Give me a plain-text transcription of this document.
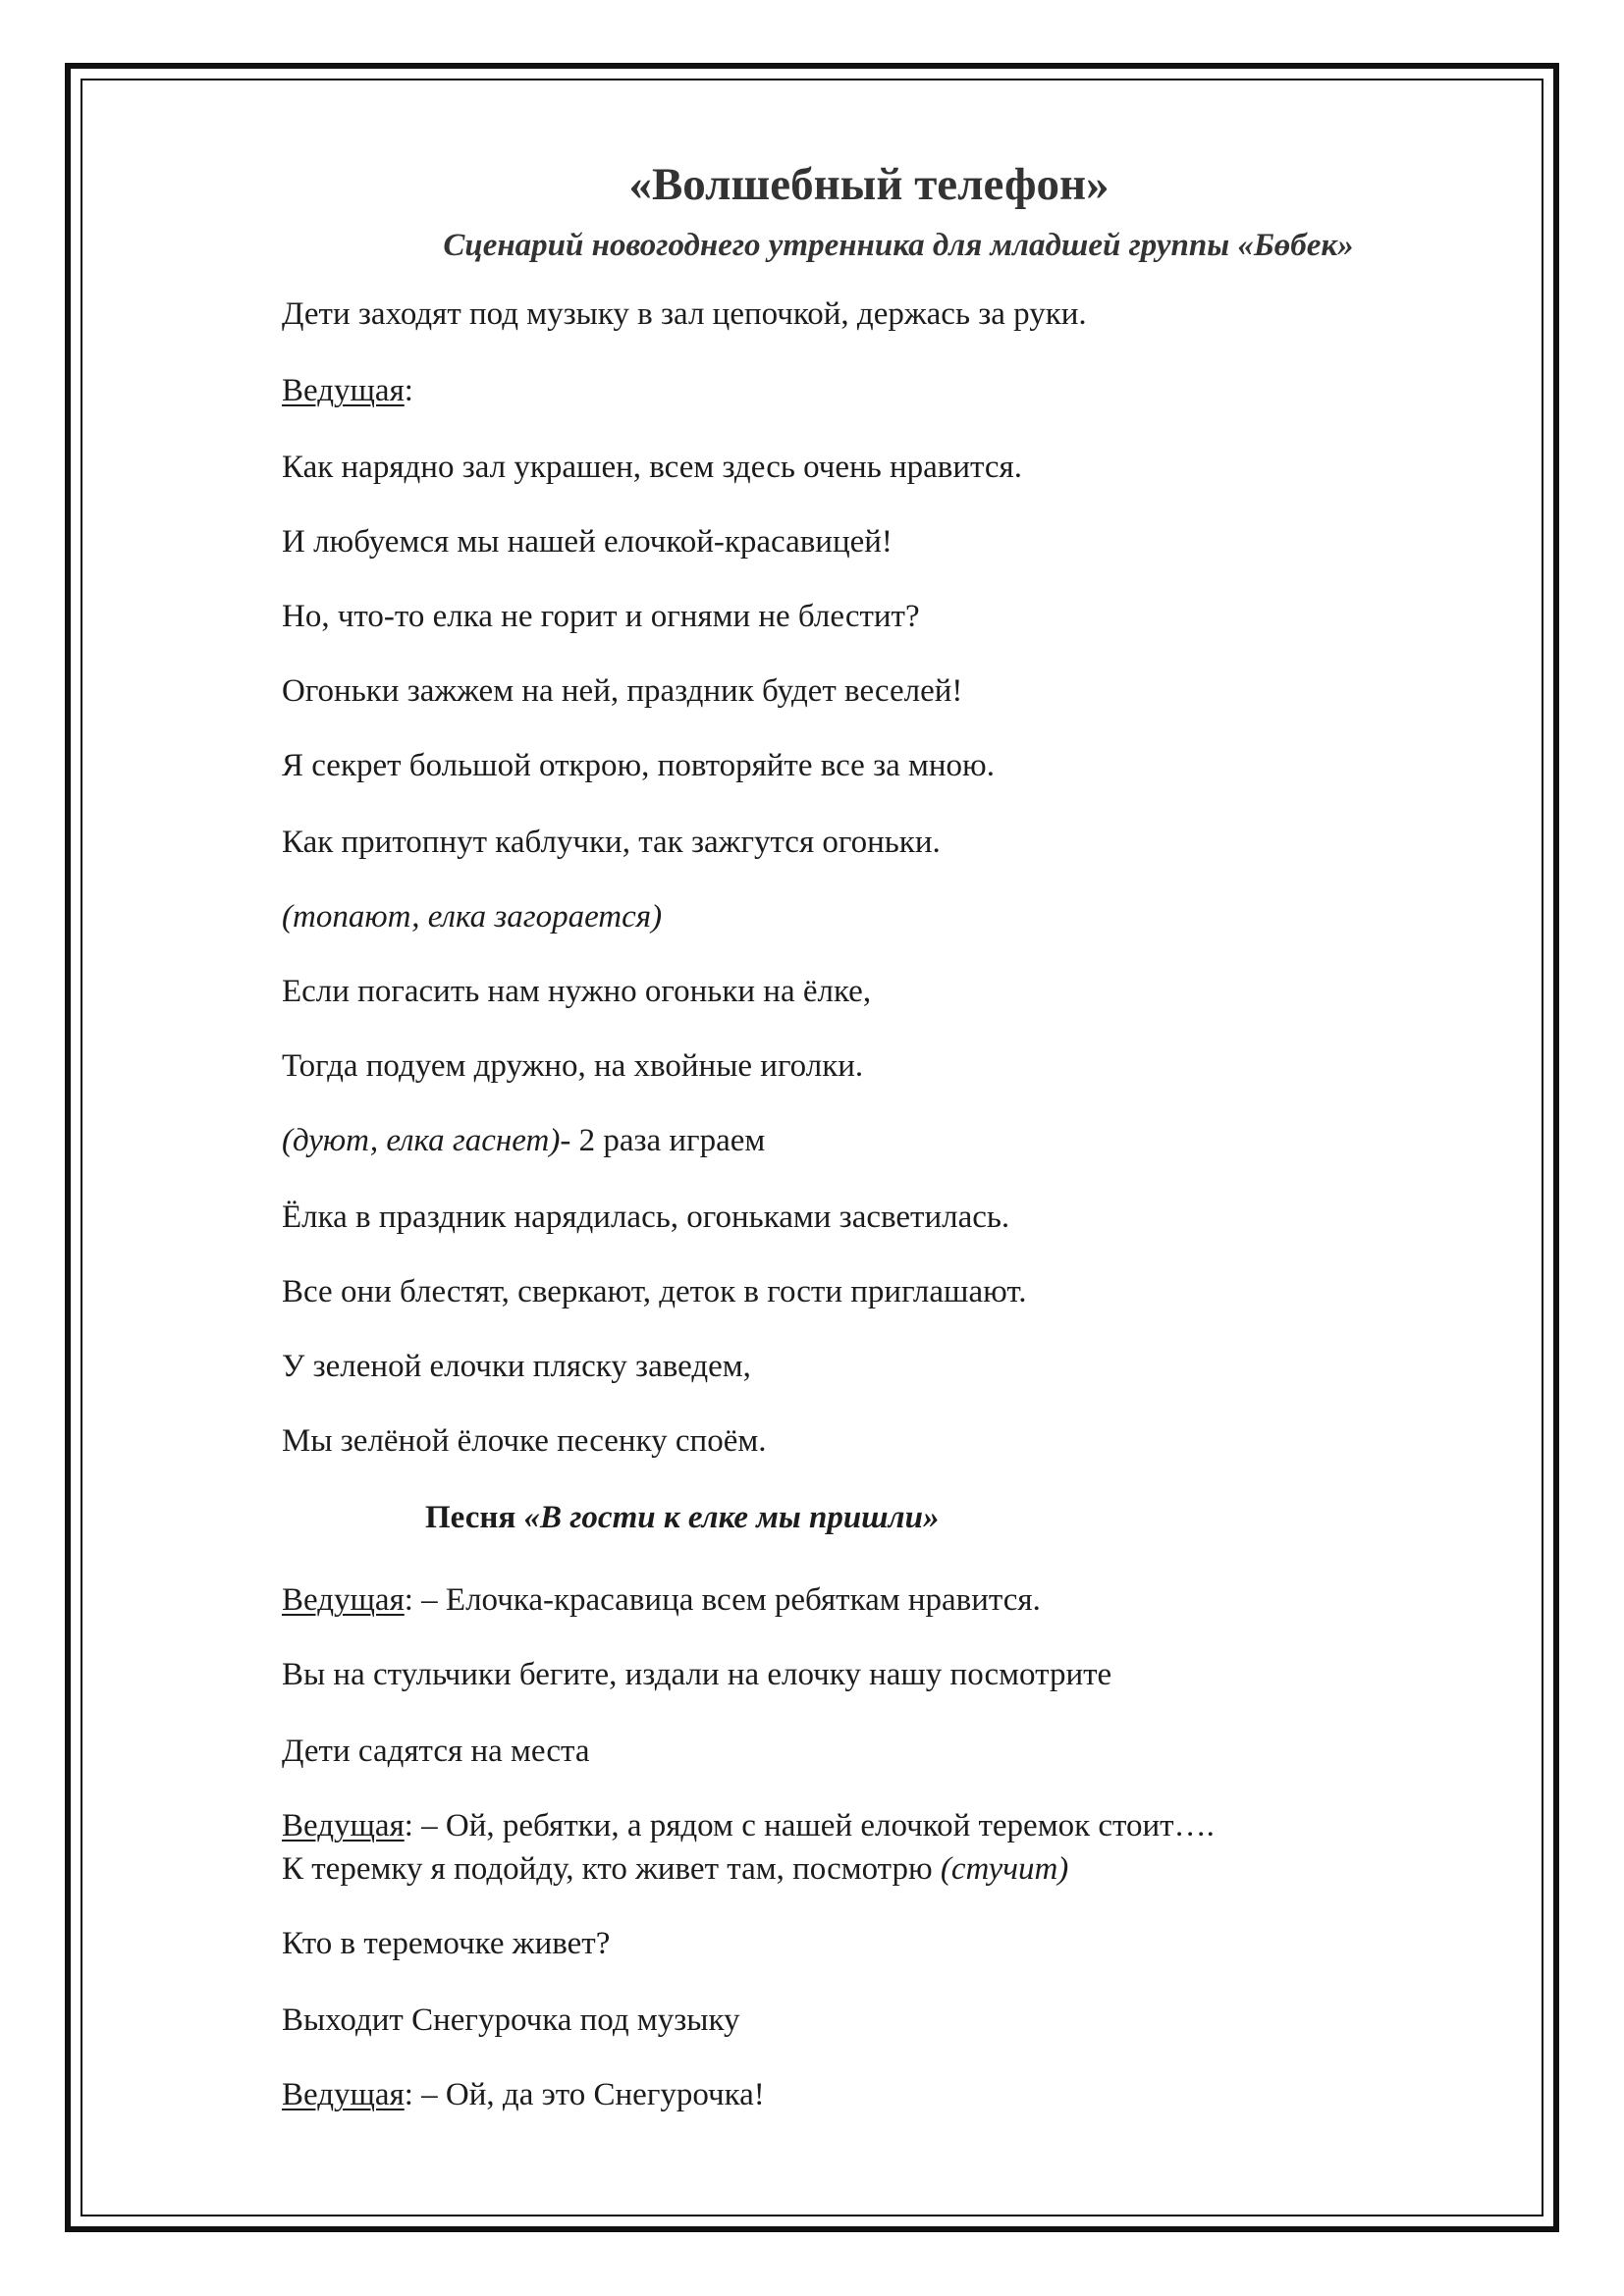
«Волшебный телефон»
Сценарий новогоднего утренника для младшей группы «Бөбек»
Дети заходят под музыку в зал цепочкой, держась за руки.
Ведущая:
Как нарядно зал украшен, всем здесь очень нравится.
И любуемся мы нашей елочкой-красавицей!
Но, что-то елка не горит и огнями не блестит?
Огоньки зажжем на ней, праздник будет веселей!
Я секрет большой открою, повторяйте все за мною.
Как притопнут каблучки, так зажгутся огоньки.
(топают, елка загорается)
Если погасить нам нужно огоньки на ёлке,
Тогда подуем дружно, на хвойные иголки.
(дуют, елка гаснет)- 2 раза играем
Ёлка в праздник нарядилась, огоньками засветилась.
Все они блестят, сверкают, деток в гости приглашают.
У зеленой елочки пляску заведем,
Мы зелёной ёлочке песенку споём.
Песня «В гости к елке мы пришли»
Ведущая: – Елочка-красавица всем ребяткам нравится.
Вы на стульчики бегите, издали на елочку нашу посмотрите
Дети садятся на места
Ведущая: – Ой, ребятки, а рядом с нашей елочкой теремок стоит….
К теремку я подойду, кто живет там, посмотрю (стучит)
Кто в теремочке живет?
Выходит Снегурочка под музыку
Ведущая: – Ой, да это Снегурочка!
